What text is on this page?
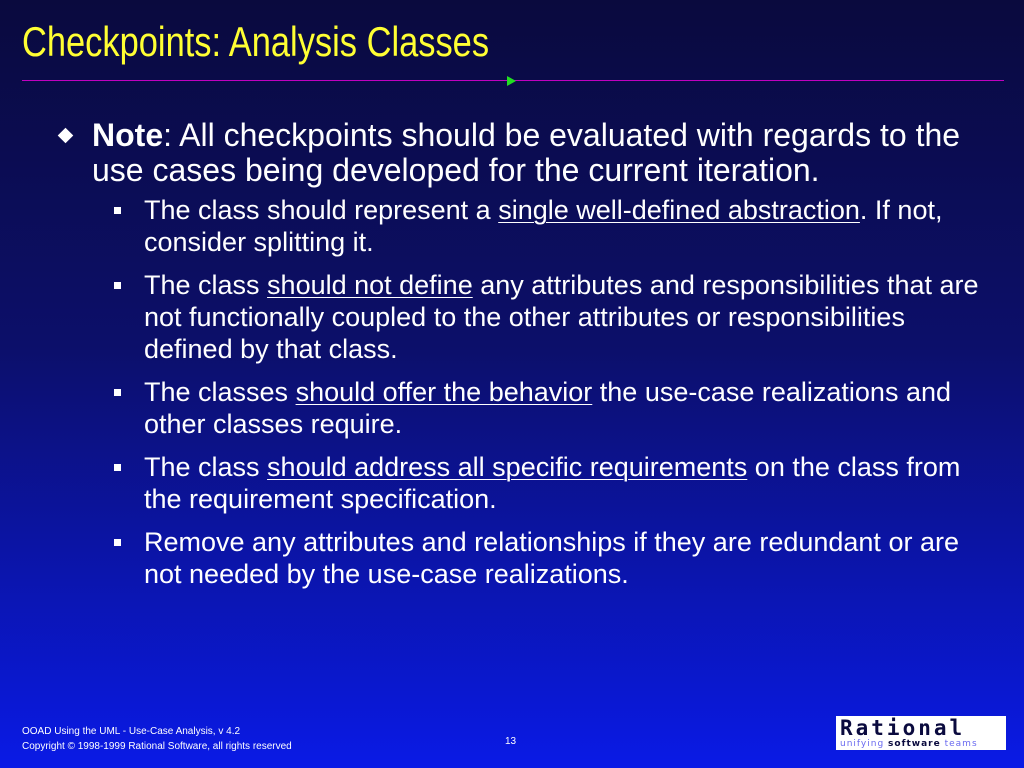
Checkpoints: Analysis Classes
Note: All checkpoints should be evaluated with regards to the use cases being developed for the current iteration.
The class should represent a single well-defined abstraction. If not, consider splitting it.
The class should not define any attributes and responsibilities that are not functionally coupled to the other attributes or responsibilities defined by that class.
The classes should offer the behavior the use-case realizations and other classes require.
The class should address all specific requirements on the class from the requirement specification.
Remove any attributes and relationships if they are redundant or are not needed by the use-case realizations.
OOAD Using the UML - Use-Case Analysis, v 4.2
Copyright © 1998-1999 Rational Software, all rights reserved	13
Rational
unifying software teams
